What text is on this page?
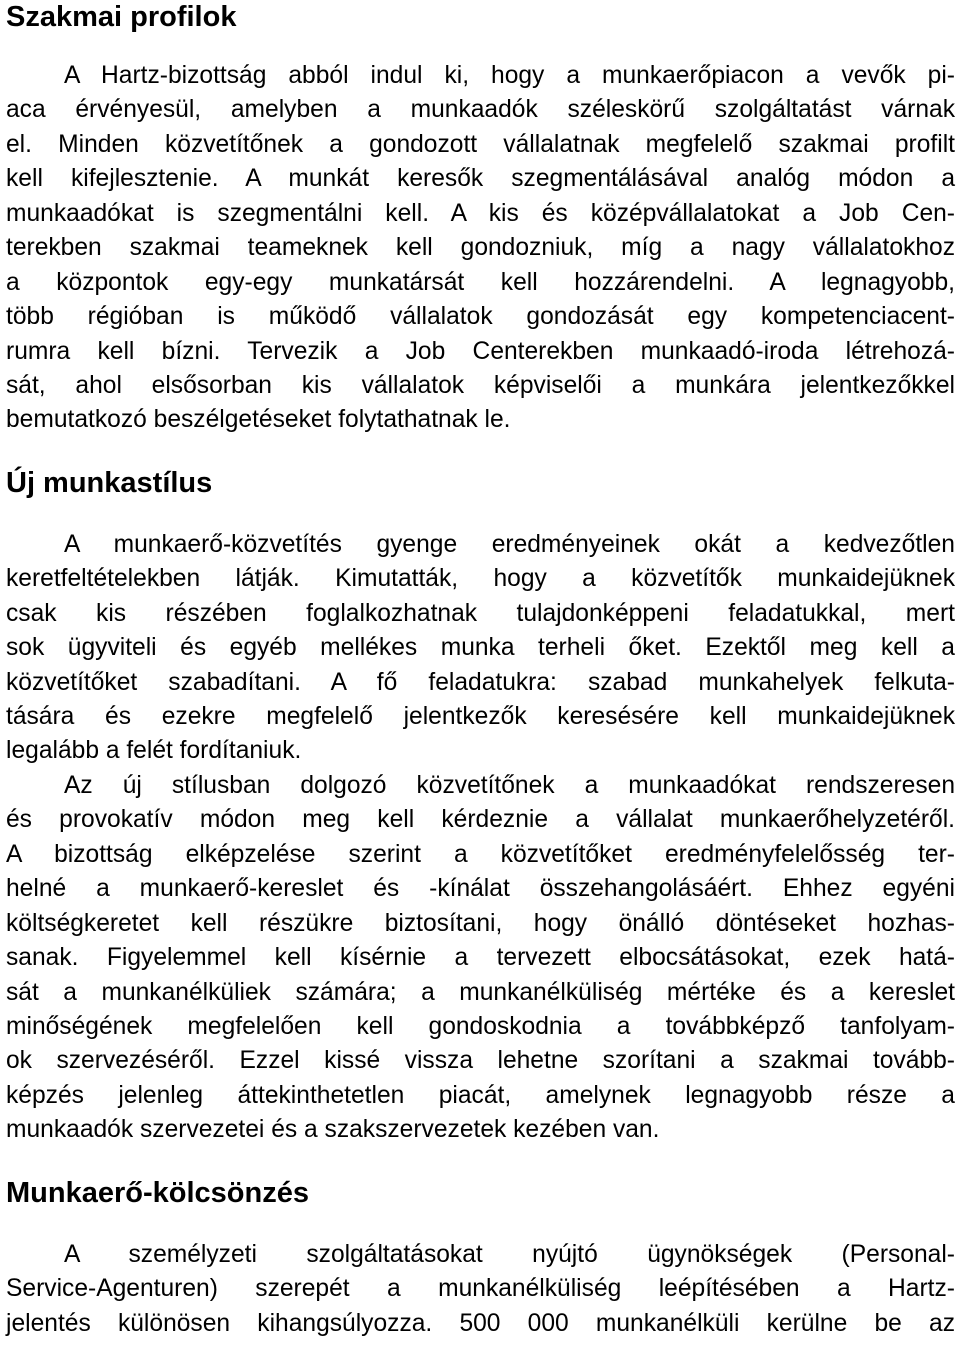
Szakmai profilok
A Hartz-bizottság abból indul ki, hogy a munkaerőpiacon a vevők pi-
aca érvényesül, amelyben a munkaadók széleskörű szolgáltatást várnak
el. Minden közvetítőnek a gondozott vállalatnak megfelelő szakmai profilt
kell kifejlesztenie. A munkát keresők szegmentálásával analóg módon a
munkaadókat is szegmentálni kell. A kis és középvállalatokat a Job Cen-
terekben szakmai teameknek kell gondozniuk, míg a nagy vállalatokhoz
a központok egy-egy munkatársát kell hozzárendelni. A legnagyobb,
több régióban is működő vállalatok gondozását egy kompetenciacent-
rumra kell bízni. Tervezik a Job Centerekben munkaadó-iroda létrehozá-
sát, ahol elsősorban kis vállalatok képviselői a munkára jelentkezőkkel
bemutatkozó beszélgetéseket folytathatnak le.
Új munkastílus
A munkaerő-közvetítés gyenge eredményeinek okát a kedvezőtlen
keretfeltételekben látják. Kimutatták, hogy a közvetítők munkaidejüknek
csak kis részében foglalkozhatnak tulajdonképpeni feladatukkal, mert
sok ügyviteli és egyéb mellékes munka terheli őket. Ezektől meg kell a
közvetítőket szabadítani. A fő feladatukra: szabad munkahelyek felkuta-
tására és ezekre megfelelő jelentkezők keresésére kell munkaidejüknek
legalább a felét fordítaniuk.
Az új stílusban dolgozó közvetítőnek a munkaadókat rendszeresen
és provokatív módon meg kell kérdeznie a vállalat munkaerőhelyzetéről.
A bizottság elképzelése szerint a közvetítőket eredményfelelősség ter-
helné a munkaerő-kereslet és -kínálat összehangolásáért. Ehhez egyéni
költségkeretet kell részükre biztosítani, hogy önálló döntéseket hozhas-
sanak. Figyelemmel kell kísérnie a tervezett elbocsátásokat, ezek hatá-
sát a munkanélküliek számára; a munkanélküliség mértéke és a kereslet
minőségének megfelelően kell gondoskodnia a továbbképző tanfolyam-
ok szervezéséről. Ezzel kissé vissza lehetne szorítani a szakmai tovább-
képzés jelenleg áttekinthetetlen piacát, amelynek legnagyobb része a
munkaadók szervezetei és a szakszervezetek kezében van.
Munkaerő-kölcsönzés
A személyzeti szolgáltatásokat nyújtó ügynökségek (Personal-
Service-Agenturen) szerepét a munkanélküliség leépítésében a Hartz-
jelentés különösen kihangsúlyozza. 500 000 munkanélküli kerülne be az
